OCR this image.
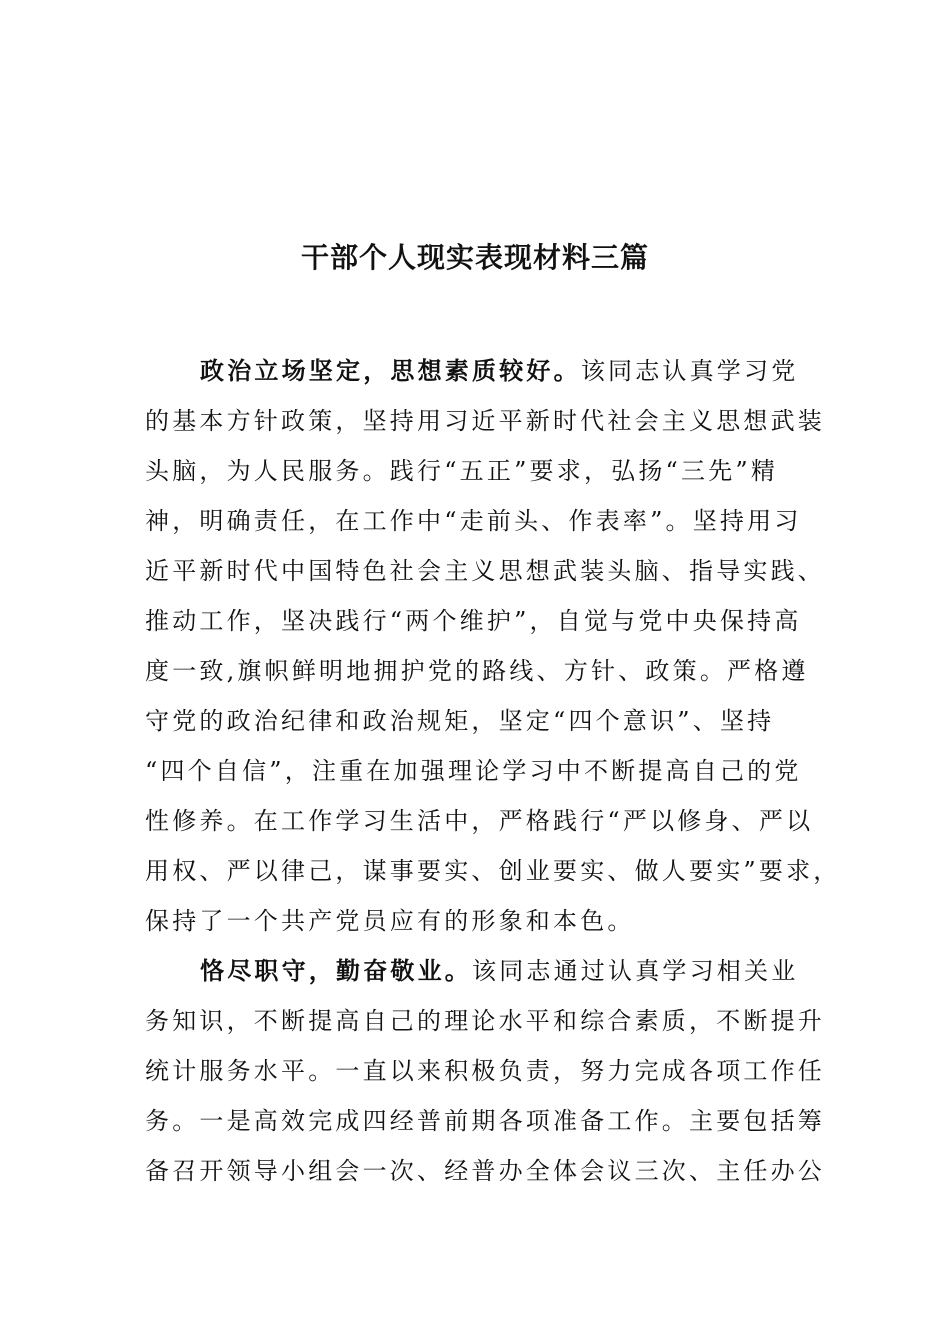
干部个人现实表现材料三篇
政治立场坚定，思想素质较好。该同志认真学习党
的基本方针政策，坚持用习近平新时代社会主义思想武装
头脑，为人民服务。践行“五正”要求，弘扬“三先”精
神，明确责任，在工作中“走前头、作表率”。坚持用习
近平新时代中国特色社会主义思想武装头脑、指导实践、
推动工作，坚决践行“两个维护”，自觉与党中央保持高
度一致,旗帜鲜明地拥护党的路线、方针、政策。严格遵
守党的政治纪律和政治规矩，坚定“四个意识”、坚持
“四个自信”，注重在加强理论学习中不断提高自己的党
性修养。在工作学习生活中，严格践行“严以修身、严以
用权、严以律己，谋事要实、创业要实、做人要实”要求，
保持了一个共产党员应有的形象和本色。
恪尽职守，勤奋敬业。该同志通过认真学习相关业
务知识，不断提高自己的理论水平和综合素质，不断提升
统计服务水平。一直以来积极负责，努力完成各项工作任
务。一是高效完成四经普前期各项准备工作。主要包括筹
备召开领导小组会一次、经普办全体会议三次、主任办公
